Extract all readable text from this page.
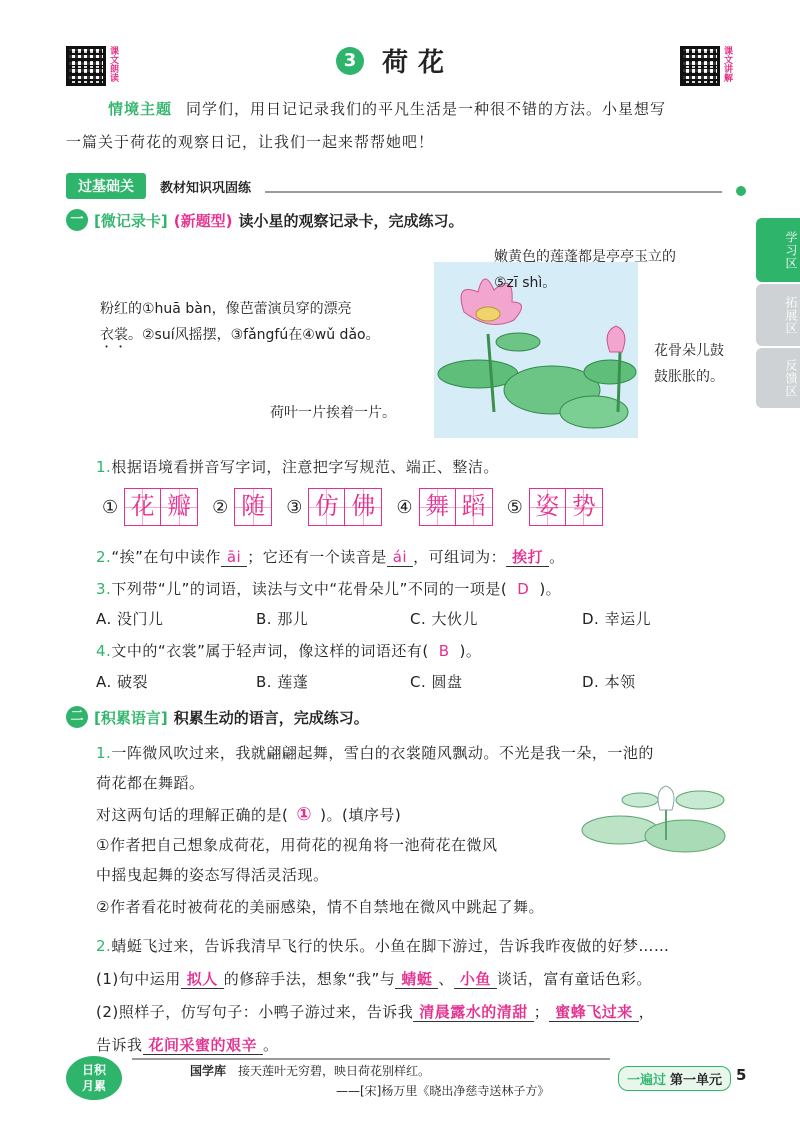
课文朗读	3 荷花	课文讲解
情境主题 同学们，用日记记录我们的平凡生活是一种很不错的方法。小星想写
一篇关于荷花的观察日记，让我们一起来帮帮她吧！
过基础关	教材知识巩固练
学习区
拓展区
反馈区
一 [微记录卡] (新题型) 读小星的观察记录卡，完成练习。
嫩黄色的莲蓬都是亭亭玉立的
⑤zī shì。
粉红的①huā bàn，像芭蕾演员穿的漂亮
衣裳。②suí风摇摆，③fǎngfú在④wǔ dǎo。
花骨朵儿鼓
鼓胀胀的。
荷叶一片挨着一片。
1.根据语境看拼音写字词，注意把字写规范、端正、整洁。
① 花 瓣	② 随	③ 仿 佛	④ 舞 蹈	⑤ 姿 势
2.“挨”在句中读作 āi ；它还有一个读音是 ái ，可组词为： 挨打 。
3.下列带“儿”的词语，读法与文中“花骨朵儿”不同的一项是( D )。
A. 没门儿	B. 那儿	C. 大伙儿	D. 幸运儿
4.文中的“衣裳”属于轻声词，像这样的词语还有( B )。
A. 破裂	B. 莲蓬	C. 圆盘	D. 本领
二 [积累语言] 积累生动的语言，完成练习。
1.一阵微风吹过来，我就翩翩起舞，雪白的衣裳随风飘动。不光是我一朵，一池的
荷花都在舞蹈。
对这两句话的理解正确的是( ① )。(填序号)
①作者把自己想象成荷花，用荷花的视角将一池荷花在微风
中摇曳起舞的姿态写得活灵活现。
②作者看花时被荷花的美丽感染，情不自禁地在微风中跳起了舞。
2.蜻蜓飞过来，告诉我清早飞行的快乐。小鱼在脚下游过，告诉我昨夜做的好梦……
(1)句中运用 拟人 的修辞手法，想象“我”与 蜻蜓 、 小鱼 谈话，富有童话色彩。
(2)照样子，仿写句子：小鸭子游过来，告诉我 清晨露水的清甜 ； 蜜蜂飞过来 ，
告诉我 花间采蜜的艰辛 。
日积
月累
国学库 接天莲叶无穷碧，映日荷花别样红。
——[宋]杨万里《晓出净慈寺送林子方》
一遍过 第一单元 5
